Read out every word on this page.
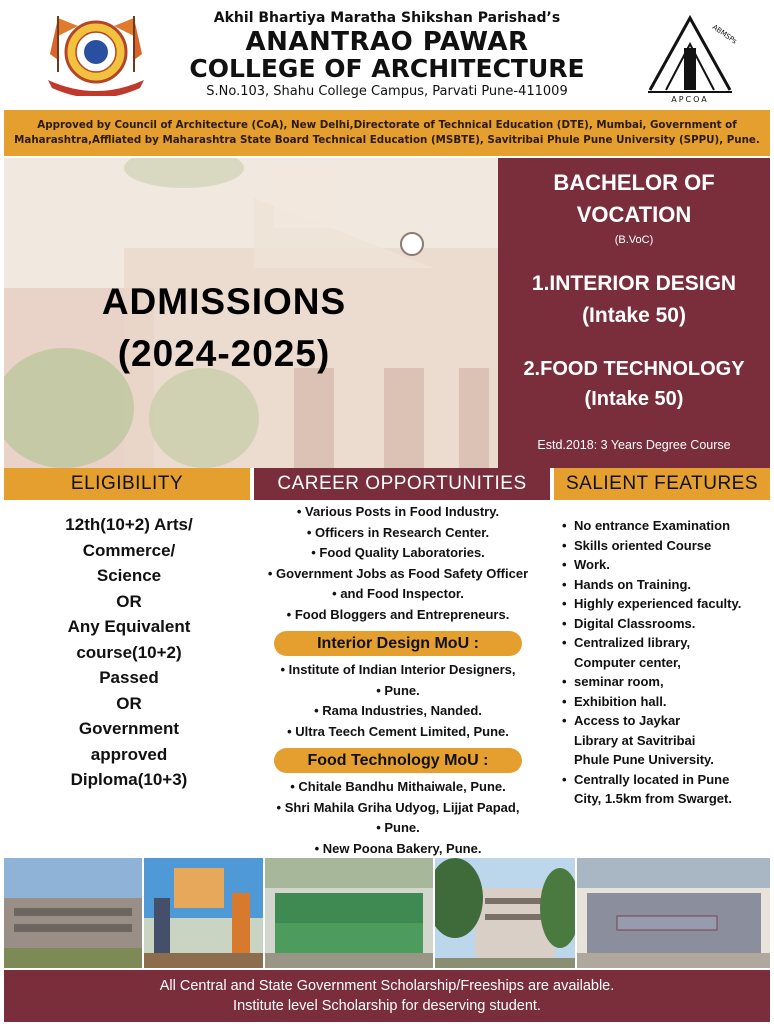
Akhil Bhartiya Maratha Shikshan Parishad’s
ANANTRAO PAWAR
COLLEGE OF ARCHITECTURE
S.No.103, Shahu College Campus, Parvati Pune-411009
ABMSPs
APCOA

Approved by Council of Architecture (CoA), New Delhi,Directorate of Technical Education (DTE), Mumbai, Government of
Maharashtra,Affliated by Maharashtra State Board Technical Education (MSBTE), Savitribai Phule Pune University (SPPU), Pune.

ADMISSIONS
(2024-2025)
BACHELOR OF
VOCATION
(B.VoC)
1.INTERIOR DESIGN
(Intake 50)
2.FOOD TECHNOLOGY
(Intake 50)
Estd.2018: 3 Years Degree Course
ELIGIBILITY	CAREER OPPORTUNITIES	SALIENT FEATURES
12th(10+2) Arts/
Commerce/
Science
OR
Any Equivalent
course(10+2)
Passed
OR
Government
approved
Diploma(10+3)
• Various Posts in Food Industry.
• Officers in Research Center.
• Food Quality Laboratories.
• Government Jobs as Food Safety Officer
• and Food Inspector.
• Food Bloggers and Entrepreneurs.
Interior Design MoU :
• Institute of Indian Interior Designers,
• Pune.
• Rama Industries, Nanded.
• Ultra Teech Cement Limited, Pune.
Food Technology MoU :
• Chitale Bandhu Mithaiwale, Pune.
• Shri Mahila Griha Udyog, Lijjat Papad,
• Pune.
• New Poona Bakery, Pune.
• No entrance Examination
• Skills oriented Course
• Work.
• Hands on Training.
• Highly experienced faculty.
• Digital Classrooms.
• Centralized library,
Computer center,
• seminar room,
• Exhibition hall.
• Access to Jaykar
Library at Savitribai
Phule Pune University.
• Centrally located in Pune
City, 1.5km from Swarget.
All Central and State Government Scholarship/Freeships are available.
Institute level Scholarship for deserving student.
